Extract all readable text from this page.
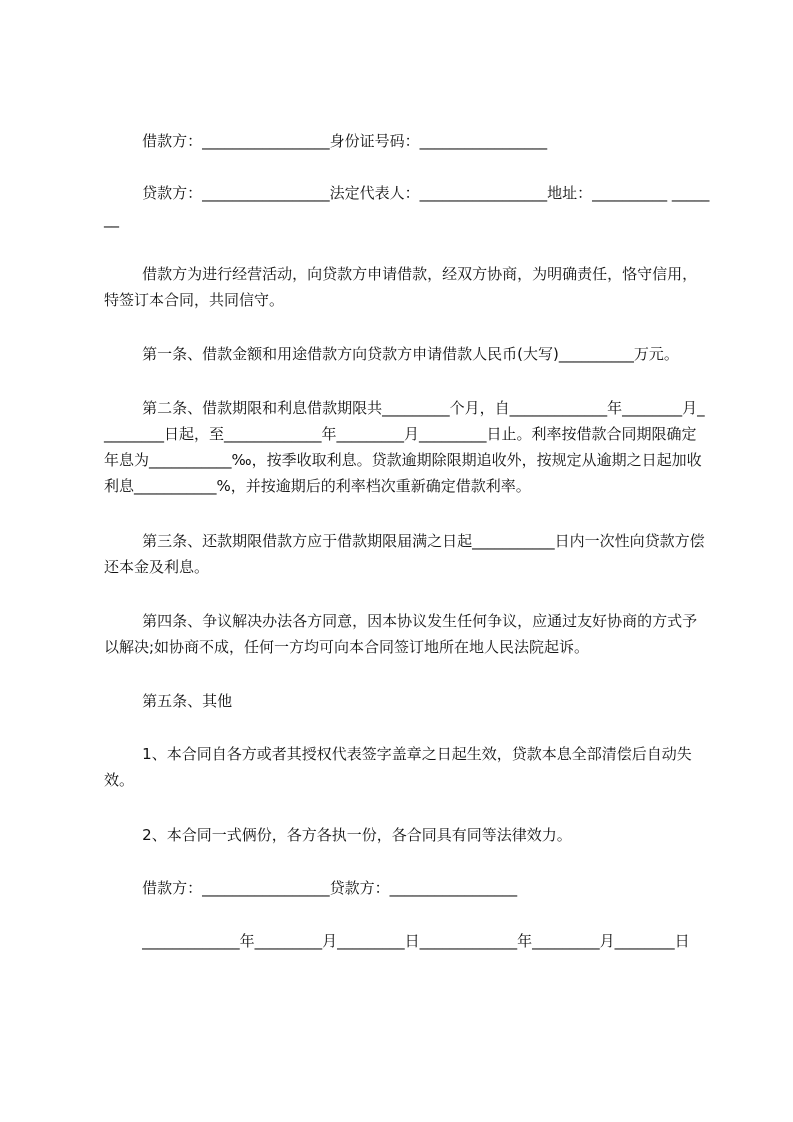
借款方：_________________身份证号码：_________________

贷款方：_________________法定代表人：_________________地址：__________ _______

借款方为进行经营活动，向贷款方申请借款，经双方协商，为明确责任，恪守信用，特签订本合同，共同信守。

第一条、借款金额和用途借款方向贷款方申请借款人民币(大写)__________万元。

第二条、借款期限和利息借款期限共_________个月，自_____________年________月_________日起，至_____________年_________月_________日止。利率按借款合同期限确定年息为___________‰，按季收取利息。贷款逾期除限期追收外，按规定从逾期之日起加收利息___________%，并按逾期后的利率档次重新确定借款利率。

第三条、还款期限借款方应于借款期限届满之日起___________日内一次性向贷款方偿还本金及利息。

第四条、争议解决办法各方同意，因本协议发生任何争议，应通过友好协商的方式予以解决;如协商不成，任何一方均可向本合同签订地所在地人民法院起诉。

第五条、其他

1、本合同自各方或者其授权代表签字盖章之日起生效，贷款本息全部清偿后自动失效。

2、本合同一式俩份，各方各执一份，各合同具有同等法律效力。

借款方：_________________贷款方：_________________

_____________年_________月_________日_____________年_________月________日
